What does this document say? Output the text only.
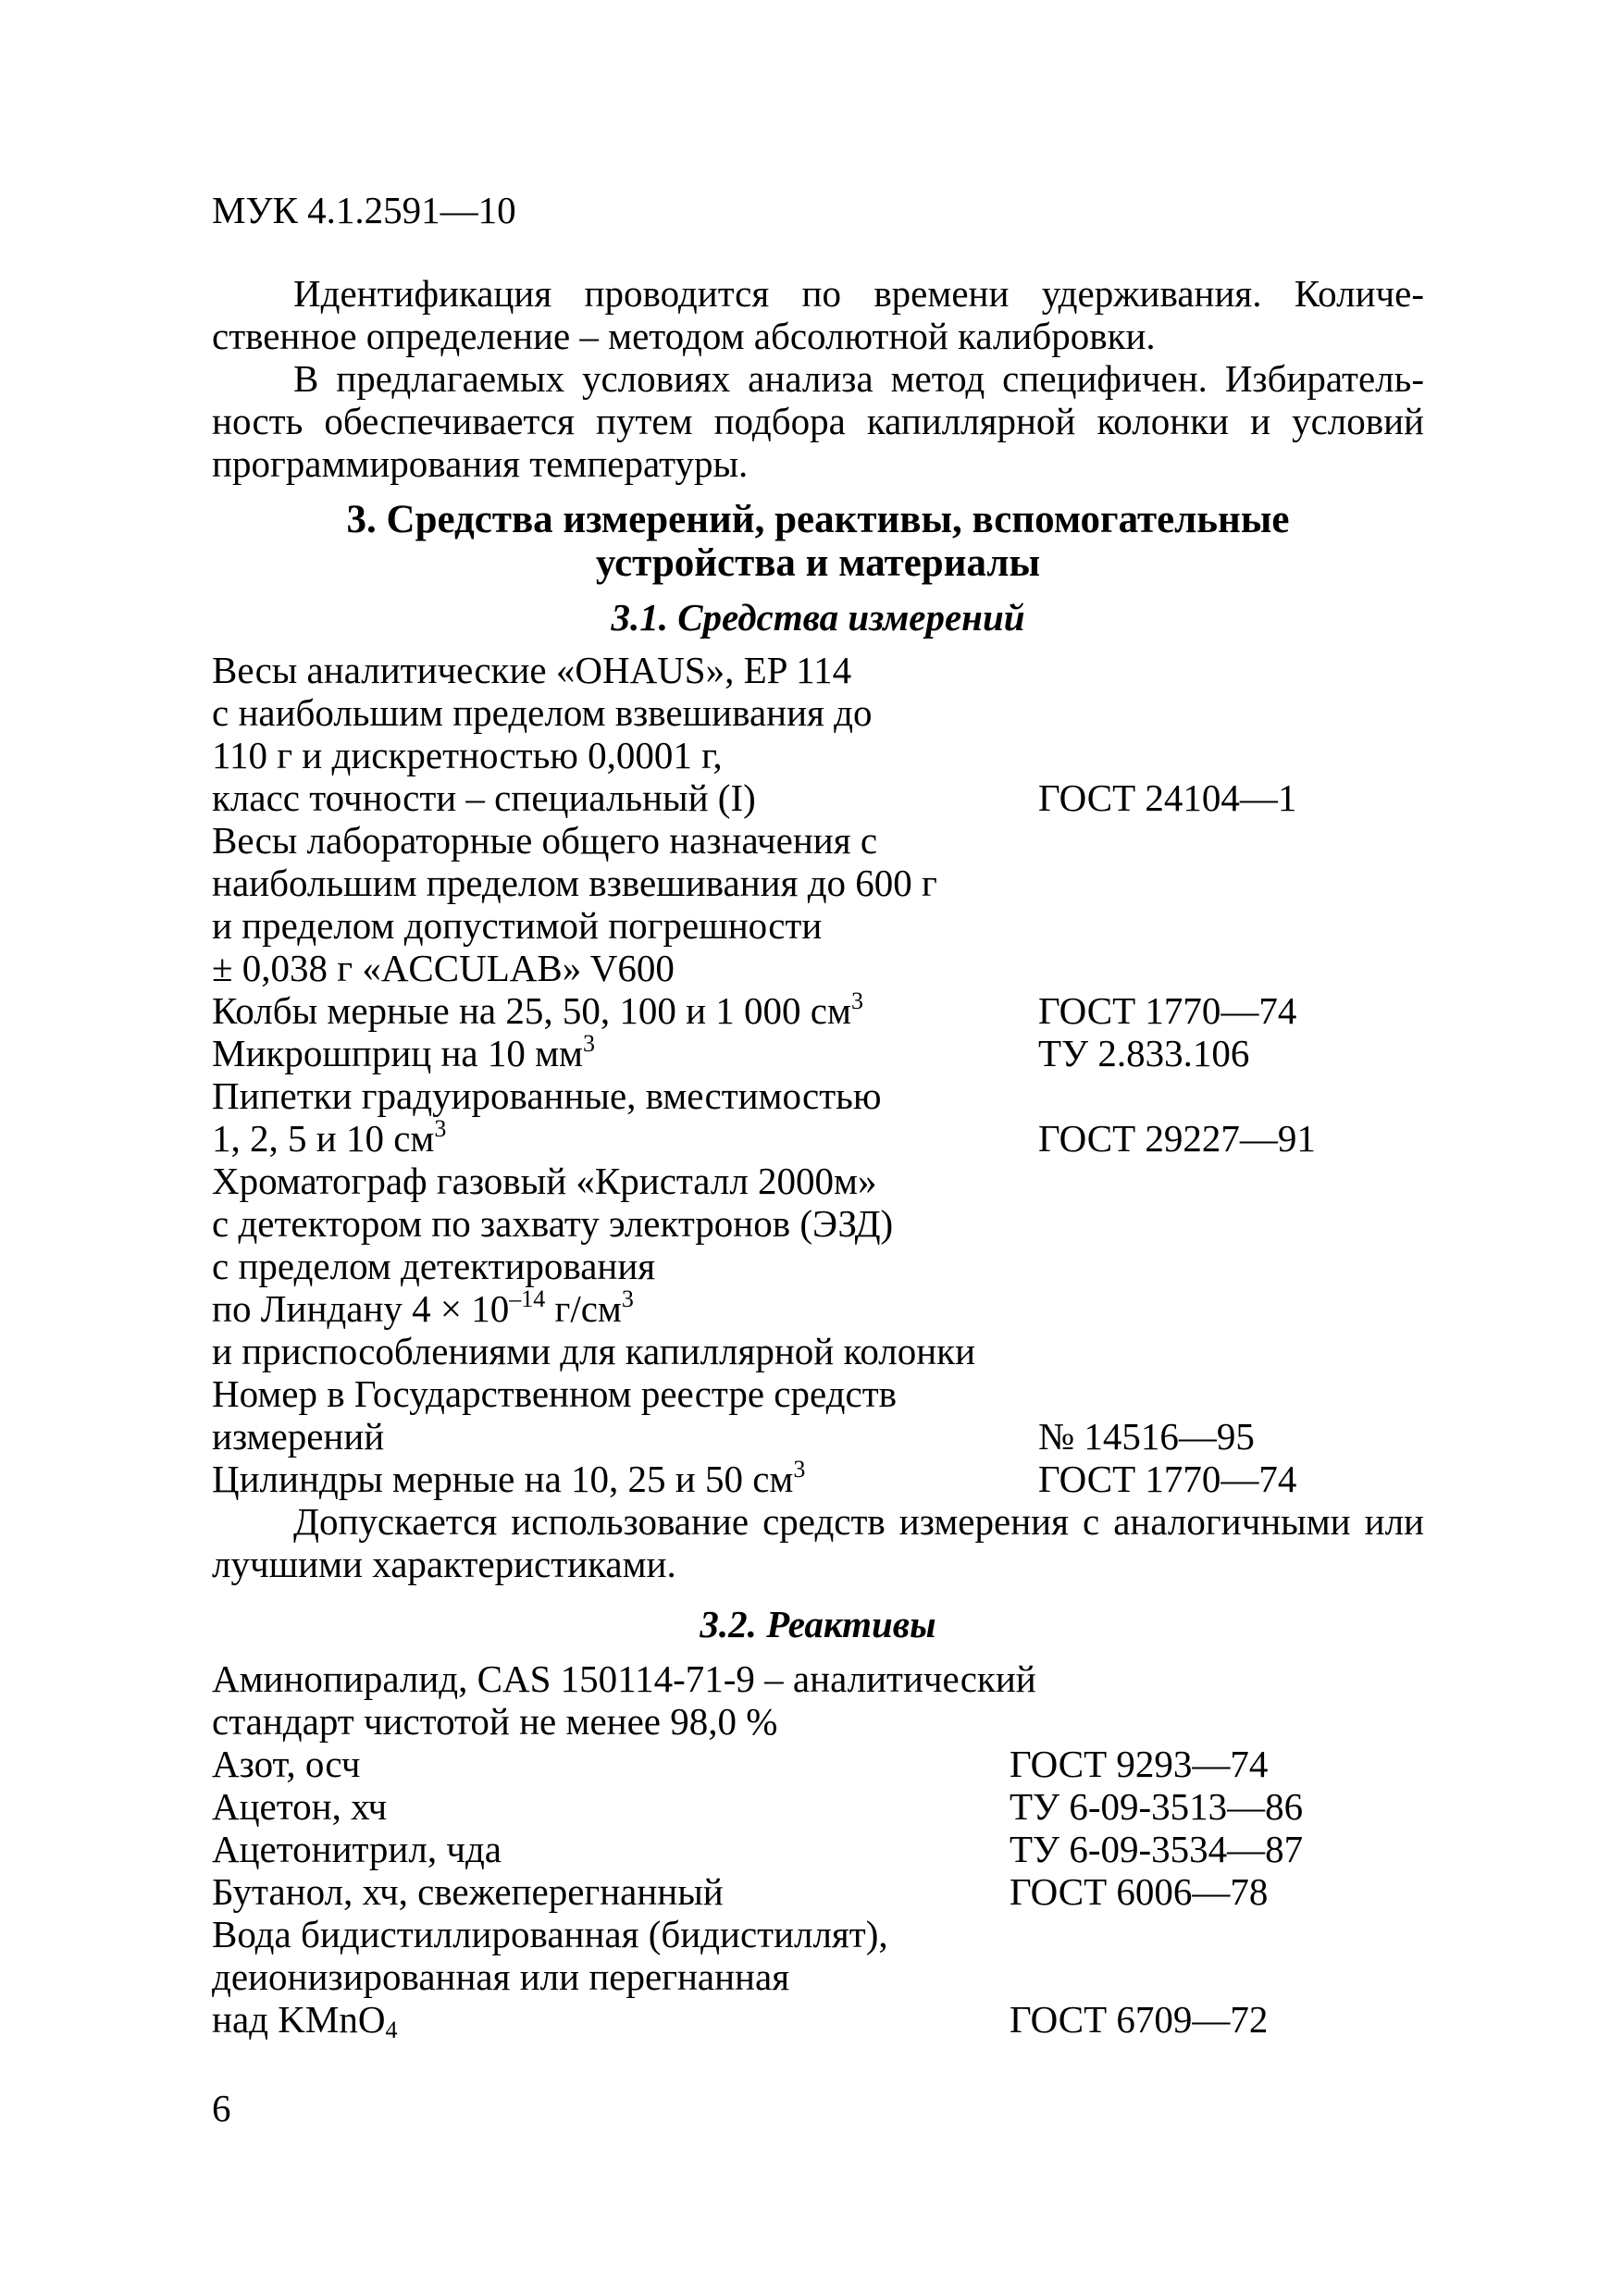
МУК 4.1.2591—10
Идентификация проводится по времени удерживания. Количе-
ственное определение – методом абсолютной калибровки.
В предлагаемых условиях анализа метод специфичен. Избиратель-
ность обеспечивается путем подбора капиллярной колонки и условий
программирования температуры.
3. Средства измерений, реактивы, вспомогательные
устройства и материалы
3.1. Средства измерений
Весы аналитические «OHAUS», EP 114
с наибольшим пределом взвешивания до
110 г и дискретностью 0,0001 г,
класс точности – специальный (I)	ГОСТ 24104—1
Весы лабораторные общего назначения с
наибольшим пределом взвешивания до 600 г
и пределом допустимой погрешности
± 0,038 г «ACCULAB» V600
Колбы мерные на 25, 50, 100 и 1 000 $см^3$	ГОСТ 1770—74
Микрошприц на 10 $мм^3$	ТУ 2.833.106
Пипетки градуированные, вместимостью
1, 2, 5 и 10 $см^3$	ГОСТ 29227—91
Хроматограф газовый «Кристалл 2000м»
с детектором по захвату электронов (ЭЗД)
с пределом детектирования
по Линдану $4 \times 10^{-14}$ $г/см^3$
и приспособлениями для капиллярной колонки
Номер в Государственном реестре средств
измерений	№ 14516—95
Цилиндры мерные на 10, 25 и 50 $см^3$	ГОСТ 1770—74
Допускается использование средств измерения с аналогичными или
лучшими характеристиками.
3.2. Реактивы
Аминопиралид, CAS 150114-71-9 – аналитический
стандарт чистотой не менее 98,0 %
Азот, осч	ГОСТ 9293—74
Ацетон, хч	ТУ 6-09-3513—86
Ацетонитрил, чда	ТУ 6-09-3534—87
Бутанол, хч, свежеперегнанный	ГОСТ 6006—78
Вода бидистиллированная (бидистиллят),
деионизированная или перегнанная
над KMnO$_4$	ГОСТ 6709—72
6
